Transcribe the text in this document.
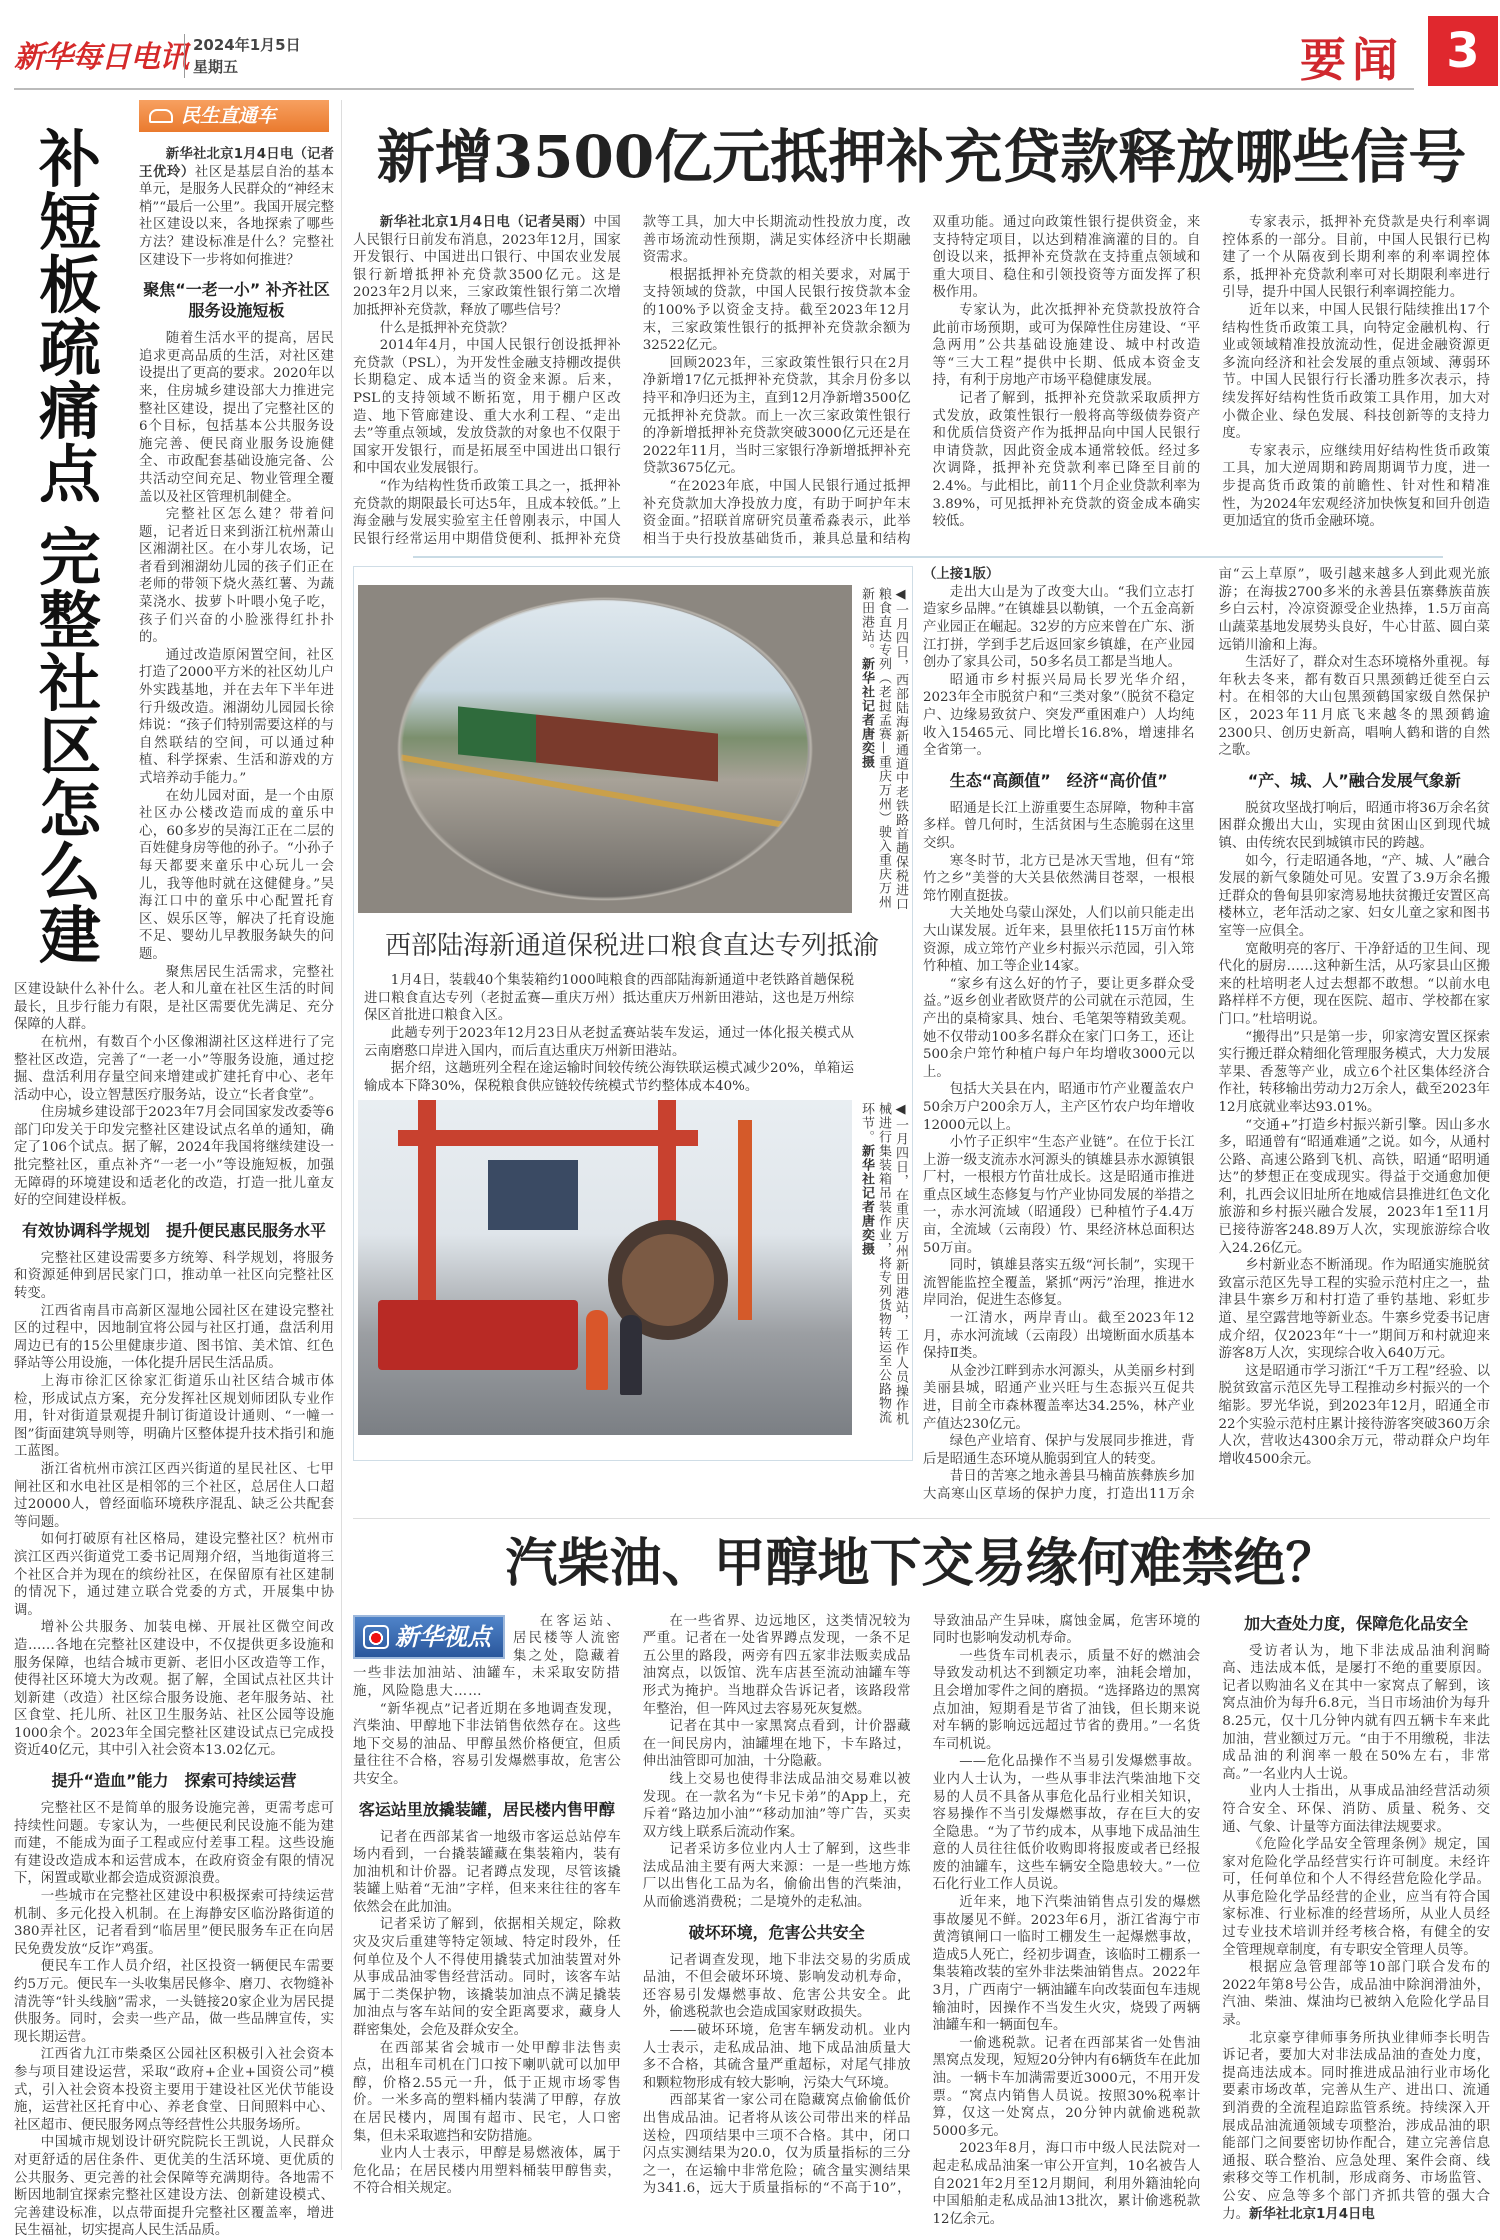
新华每日电讯 2024年1月5日
星期五	要闻 3
补短板疏痛点
完整社区怎么建
民生直通车

新华社北京1月4日电（记者王优玲）社区是基层自治的基本单元，是服务人民群众的“神经末梢”“最后一公里”。我国开展完整社区建设以来，各地探索了哪些方法？建设标准是什么？完整社区建设下一步将如何推进？

聚焦“一老一小” 补齐社区服务设施短板

随着生活水平的提高，居民追求更高品质的生活，对社区建设提出了更高的要求。2020年以来，住房城乡建设部大力推进完整社区建设，提出了完整社区的6个目标，包括基本公共服务设施完善、便民商业服务设施健全、市政配套基础设施完备、公共活动空间充足、物业管理全覆盖以及社区管理机制健全。

完整社区怎么建？带着问题，记者近日来到浙江杭州萧山区湘湖社区。在小芽儿农场，记者看到湘湖幼儿园的孩子们正在老师的带领下烧火蒸红薯、为蔬菜浇水、拔萝卜叶喂小兔子吃，孩子们兴奋的小脸涨得红扑扑的。

通过改造原闲置空间，社区打造了2000平方米的社区幼儿户外实践基地，并在去年下半年进行升级改造。湘湖幼儿园园长徐炜说：“孩子们特别需要这样的与自然联结的空间，可以通过种植、科学探索、生活和游戏的方式培养动手能力。”

在幼儿园对面，是一个由原社区办公楼改造而成的童乐中心，60多岁的吴海江正在二层的百姓健身房等他的孙子。“小孙子每天都要来童乐中心玩儿一会儿，我等他时就在这健健身。”吴海江口中的童乐中心配置托育区、娱乐区等，解决了托育设施不足、婴幼儿早教服务缺失的问题。

聚焦居民生活需求，完整社区建设缺什么补什么。老人和儿童在社区生活的时间最长，且步行能力有限，是社区需要优先满足、充分保障的人群。

在杭州，有数百个小区像湘湖社区这样进行了完整社区改造，完善了“一老一小”等服务设施，通过挖掘、盘活利用存量空间来增建或扩建托育中心、老年活动中心，设立智慧医疗服务站，设立“长者食堂”。

住房城乡建设部于2023年7月会同国家发改委等6部门印发关于印发完整社区建设试点名单的通知，确定了106个试点。据了解，2024年我国将继续建设一批完整社区，重点补齐“一老一小”等设施短板，加强无障碍的环境建设和适老化的改造，打造一批儿童友好的空间建设样板。

有效协调科学规划　提升便民惠民服务水平

完整社区建设需要多方统筹、科学规划，将服务和资源延伸到居民家门口，推动单一社区向完整社区转变。

江西省南昌市高新区湿地公园社区在建设完整社区的过程中，因地制宜将公园与社区打通，盘活利用周边已有的15公里健康步道、图书馆、美术馆、红色驿站等公用设施，一体化提升居民生活品质。

上海市徐汇区徐家汇街道乐山社区结合城市体检，形成试点方案，充分发挥社区规划师团队专业作用，针对街道景观提升制订街道设计通则、“一幢一图”街面建筑导则等，明确片区整体提升技术指引和施工蓝图。

浙江省杭州市滨江区西兴街道的星民社区、七甲闸社区和水电社区是相邻的三个社区，总居住人口超过20000人，曾经面临环境秩序混乱、缺乏公共配套等问题。

如何打破原有社区格局，建设完整社区？杭州市滨江区西兴街道党工委书记周翔介绍，当地街道将三个社区合并为现在的缤纷社区，在保留原有社区建制的情况下，通过建立联合党委的方式，开展集中协调。

增补公共服务、加装电梯、开展社区微空间改造……各地在完整社区建设中，不仅提供更多设施和服务保障，也结合城市更新、老旧小区改造等工作，使得社区环境大为改观。据了解，全国试点社区共计划新建（改造）社区综合服务设施、老年服务站、社区食堂、托儿所、社区卫生服务站、社区公园等设施1000余个。2023年全国完整社区建设试点已完成投资近40亿元，其中引入社会资本13.02亿元。

提升“造血”能力　探索可持续运营

完整社区不是简单的服务设施完善，更需考虑可持续性问题。专家认为，一些便民利民设施不能为建而建，不能成为面子工程或应付差事工程。这些设施有建设改造成本和运营成本，在政府资金有限的情况下，闲置或歇业都会造成资源浪费。

一些城市在完整社区建设中积极探索可持续运营机制、多元化投入机制。在上海静安区临汾路街道的380弄社区，记者看到“临居里”便民服务车正在向居民免费发放“反诈”鸡蛋。

便民车工作人员介绍，社区投资一辆便民车需要约5万元。便民车一头收集居民修伞、磨刀、衣物缝补清洗等“针头线脑”需求，一头链接20家企业为居民提供服务。同时，会卖一些产品，做一些品牌宣传，实现长期运营。

江西省九江市柴桑区公园社区积极引入社会资本参与项目建设运营，采取“政府+企业+国资公司”模式，引入社会资本投资主要用于建设社区光伏节能设施，运营社区托育中心、养老食堂、日间照料中心、社区超市、便民服务网点等经营性公共服务场所。

中国城市规划设计研究院院长王凯说，人民群众对更舒适的居住条件、更优美的生活环境、更优质的公共服务、更完善的社会保障等充满期待。各地需不断因地制宜探索完整社区建设方法、创新建设模式、完善建设标准，以点带面提升完整社区覆盖率，增进民生福祉，切实提高人民生活品质。

新增3500亿元抵押补充贷款释放哪些信号

新华社北京1月4日电（记者吴雨）中国人民银行日前发布消息，2023年12月，国家开发银行、中国进出口银行、中国农业发展银行新增抵押补充贷款3500亿元。这是2023年2月以来，三家政策性银行第二次增加抵押补充贷款，释放了哪些信号？

什么是抵押补充贷款？

2014年4月，中国人民银行创设抵押补充贷款（PSL），为开发性金融支持棚改提供长期稳定、成本适当的资金来源。后来，PSL的支持领域不断拓宽，用于棚户区改造、地下管廊建设、重大水利工程、“走出去”等重点领域，发放贷款的对象也不仅限于国家开发银行，而是拓展至中国进出口银行和中国农业发展银行。

“作为结构性货币政策工具之一，抵押补充贷款的期限最长可达5年，且成本较低。”上海金融与发展实验室主任曾刚表示，中国人民银行经常运用中期借贷便利、抵押补充贷款等工具，加大中长期流动性投放力度，改善市场流动性预期，满足实体经济中长期融资需求。

根据抵押补充贷款的相关要求，对属于支持领域的贷款，中国人民银行按贷款本金的100%予以资金支持。截至2023年12月末，三家政策性银行的抵押补充贷款余额为32522亿元。

回顾2023年，三家政策性银行只在2月净新增17亿元抵押补充贷款，其余月份多以持平和净归还为主，直到12月净新增3500亿元抵押补充贷款。而上一次三家政策性银行的净新增抵押补充贷款突破3000亿元还是在2022年11月，当时三家银行净新增抵押补充贷款3675亿元。

“在2023年底，中国人民银行通过抵押补充贷款加大净投放力度，有助于呵护年末资金面。”招联首席研究员董希淼表示，此举相当于央行投放基础货币，兼具总量和结构双重功能。通过向政策性银行提供资金，来支持特定项目，以达到精准滴灌的目的。自创设以来，抵押补充贷款在支持重点领域和重大项目、稳住和引领投资等方面发挥了积极作用。

专家认为，此次抵押补充贷款投放符合此前市场预期，或可为保障性住房建设、“平急两用”公共基础设施建设、城中村改造等“三大工程”提供中长期、低成本资金支持，有利于房地产市场平稳健康发展。

记者了解到，抵押补充贷款采取质押方式发放，政策性银行一般将高等级债券资产和优质信贷资产作为抵押品向中国人民银行申请贷款，因此资金成本通常较低。经过多次调降，抵押补充贷款利率已降至目前的2.4%。与此相比，前11个月企业贷款利率为3.89%，可见抵押补充贷款的资金成本确实较低。

专家表示，抵押补充贷款是央行利率调控体系的一部分。目前，中国人民银行已构建了一个从隔夜到长期利率的利率调控体系，抵押补充贷款利率可对长期限利率进行引导，提升中国人民银行利率调控能力。

近年以来，中国人民银行陆续推出17个结构性货币政策工具，向特定金融机构、行业或领域精准投放流动性，促进金融资源更多流向经济和社会发展的重点领域、薄弱环节。中国人民银行行长潘功胜多次表示，持续发挥好结构性货币政策工具作用，加大对小微企业、绿色发展、科技创新等的支持力度。

专家表示，应继续用好结构性货币政策工具，加大逆周期和跨周期调节力度，进一步提高货币政策的前瞻性、针对性和精准性，为2024年宏观经济加快恢复和回升创造更加适宜的货币金融环境。

◀一月四日，西部陆海新通道中老铁路首趟保税进口粮食直达专列（老挝孟赛—重庆万州）驶入重庆万州新田港站。新华社记者唐奕摄
西部陆海新通道保税进口粮食直达专列抵渝

1月4日，装载40个集装箱约1000吨粮食的西部陆海新通道中老铁路首趟保税进口粮食直达专列（老挝孟赛—重庆万州）抵达重庆万州新田港站，这也是万州综保区首批进口粮食入区。

此趟专列于2023年12月23日从老挝孟赛站装车发运，通过一体化报关模式从云南磨憨口岸进入国内，而后直达重庆万州新田港站。

据介绍，这趟班列全程在途运输时间较传统公海铁联运模式减少20%，单箱运输成本下降30%，保税粮食供应链较传统模式节约整体成本40%。

◀一月四日，在重庆万州新田港站，工作人员操作机械进行集装箱吊装作业，将专列货物转运至公路物流环节。新华社记者唐奕摄

（上接1版）

走出大山是为了改变大山。“我们立志打造家乡品牌。”在镇雄县以勒镇，一个五金高新产业园正在崛起。32岁的方应来曾在广东、浙江打拼，学到手艺后返回家乡镇雄，在产业园创办了家具公司，50多名员工都是当地人。

昭通市乡村振兴局局长罗光华介绍，2023年全市脱贫户和“三类对象”（脱贫不稳定户、边缘易致贫户、突发严重困难户）人均纯收入15465元、同比增长16.8%，增速排名全省第一。

生态“高颜值”　经济“高价值”

昭通是长江上游重要生态屏障，物种丰富多样。曾几何时，生活贫困与生态脆弱在这里交织。

寒冬时节，北方已是冰天雪地，但有“筇竹之乡”美誉的大关县依然满目苍翠，一根根筇竹刚直挺拔。

大关地处乌蒙山深处，人们以前只能走出大山谋发展。近年来，县里依托115万亩竹林资源，成立筇竹产业乡村振兴示范园，引入筇竹种植、加工等企业14家。

“家乡有这么好的竹子，要让更多群众受益。”返乡创业者欧贤芹的公司就在示范园，生产出的桌椅家具、烛台、毛笔架等精致美观。她不仅带动100多名群众在家门口务工，还让500余户筇竹种植户每户年均增收3000元以上。

包括大关县在内，昭通市竹产业覆盖农户50余万户200余万人，主产区竹农户均年增收12000元以上。

小竹子正织牢“生态产业链”。在位于长江上游一级支流赤水河源头的镇雄县赤水源镇银厂村，一根根方竹苗壮成长。这是昭通市推进重点区域生态修复与竹产业协同发展的举措之一，赤水河流域（昭通段）已种植竹子4.4万亩，全流域（云南段）竹、果经济林总面积达50万亩。

同时，镇雄县落实五级“河长制”，实现干流智能监控全覆盖，紧抓“两污”治理，推进水岸同治，促进生态修复。

一江清水，两岸青山。截至2023年12月，赤水河流域（云南段）出境断面水质基本保持Ⅱ类。

从金沙江畔到赤水河源头，从美丽乡村到美丽县城，昭通产业兴旺与生态振兴互促共进，目前全市森林覆盖率达34.25%，林产业产值达230亿元。

绿色产业培育、保护与发展同步推进，背后是昭通生态环境从脆弱到宜人的转变。

昔日的苦寒之地永善县马楠苗族彝族乡加大高寒山区草场的保护力度，打造出11万余亩“云上草原”，吸引越来越多人到此观光旅游；在海拔2700多米的永善县伍寨彝族苗族乡白云村，冷凉资源受企业热捧，1.5万亩高山蔬菜基地发展势头良好，牛心甘蓝、圆白菜远销川渝和上海。

生活好了，群众对生态环境格外重视。每年秋去冬来，都有数百只黑颈鹤迁徙至白云村。在相邻的大山包黑颈鹤国家级自然保护区，2023年11月底飞来越冬的黑颈鹤逾2300只、创历史新高，唱响人鹤和谐的自然之歌。

“产、城、人”融合发展气象新

脱贫攻坚战打响后，昭通市将36万余名贫困群众搬出大山，实现由贫困山区到现代城镇、由传统农民到城镇市民的跨越。

如今，行走昭通各地，“产、城、人”融合发展的新气象随处可见。安置了3.9万余名搬迁群众的鲁甸县卯家湾易地扶贫搬迁安置区高楼林立，老年活动之家、妇女儿童之家和图书室等一应俱全。

宽敞明亮的客厅、干净舒适的卫生间、现代化的厨房……这种新生活，从巧家县山区搬来的杜培明老人过去想都不敢想。“以前水电路样样不方便，现在医院、超市、学校都在家门口。”杜培明说。

“搬得出”只是第一步，卯家湾安置区探索实行搬迁群众精细化管理服务模式，大力发展苹果、香葱等产业，成立6个社区集体经济合作社，转移输出劳动力2万余人，截至2023年12月底就业率达93.01%。

“交通+”打造乡村振兴新引擎。因山多水多，昭通曾有“昭通难通”之说。如今，从通村公路、高速公路到飞机、高铁，昭通“昭明通达”的梦想正在变成现实。得益于交通愈加便利，扎西会议旧址所在地威信县推进红色文化旅游和乡村振兴融合发展，2023年1至11月已接待游客248.89万人次，实现旅游综合收入24.26亿元。

乡村新业态不断涌现。作为昭通实施脱贫致富示范区先导工程的实验示范村庄之一，盐津县牛寨乡万和村打造了垂钓基地、彩虹步道、星空露营地等新业态。牛寨乡党委书记唐成介绍，仅2023年“十一”期间万和村就迎来游客8万人次，实现综合收入640万元。

这是昭通市学习浙江“千万工程”经验、以脱贫致富示范区先导工程推动乡村振兴的一个缩影。罗光华说，到2023年12月，昭通全市22个实验示范村庄累计接待游客突破360万余人次，营收达4300余万元，带动群众户均年增收4500余元。

汽柴油、甲醇地下交易缘何难禁绝？
新华视点

在客运站、居民楼等人流密集之处，隐藏着一些非法加油站、油罐车，未采取安防措施，风险隐患大……

“新华视点”记者近期在多地调查发现，汽柴油、甲醇地下非法销售依然存在。这些地下交易的油品、甲醇虽然价格便宜，但质量往往不合格，容易引发爆燃事故，危害公共安全。

客运站里放撬装罐，居民楼内售甲醇

记者在西部某省一地级市客运总站停车场内看到，一台撬装罐藏在集装箱内，装有加油机和计价器。记者蹲点发现，尽管该撬装罐上贴着“无油”字样，但来来往往的客车依然会在此加油。

记者采访了解到，依据相关规定，除救灾及灾后重建等特定领域、特定时段外，任何单位及个人不得使用撬装式加油装置对外从事成品油零售经营活动。同时，该客车站属于二类保护物，该撬装加油点不满足撬装加油点与客车站间的安全距离要求，藏身人群密集处，会危及群众安全。

在西部某省会城市一处甲醇非法售卖点，出租车司机在门口按下喇叭就可以加甲醇，价格2.55元一升，低于正规市场零售价。一米多高的塑料桶内装满了甲醇，存放在居民楼内，周围有超市、民宅，人口密集，但未采取遮挡和安防措施。

业内人士表示，甲醇是易燃液体，属于危化品；在居民楼内用塑料桶装甲醇售卖，不符合相关规定。

在一些省界、边远地区，这类情况较为严重。记者在一处省界蹲点发现，一条不足五公里的路段，两旁有四五家非法贩卖成品油窝点，以饭馆、洗车店甚至流动油罐车等形式为掩护。当地群众告诉记者，该路段常年整治，但一阵风过去容易死灰复燃。

记者在其中一家黑窝点看到，计价器藏在一间民房内，油罐埋在地下，卡车路过，伸出油管即可加油，十分隐蔽。

线上交易也使得非法成品油交易难以被发现。在一款名为“卡兄卡弟”的App上，充斥着“路边加小油”“移动加油”等广告，买卖双方线上联系后流动作案。

记者采访多位业内人士了解到，这些非法成品油主要有两大来源：一是一些地方炼厂以出售化工品为名，偷偷出售的汽柴油，从而偷逃消费税；二是境外的走私油。

破坏环境，危害公共安全

记者调查发现，地下非法交易的劣质成品油，不但会破坏环境、影响发动机寿命，还容易引发爆燃事故、危害公共安全。此外，偷逃税款也会造成国家财政损失。

——破坏环境，危害车辆发动机。业内人士表示，走私成品油、地下成品油质量大多不合格，其硫含量严重超标，对尾气排放和颗粒物形成有较大影响，污染大气环境。

西部某省一家公司在隐藏窝点偷偷低价出售成品油。记者将从该公司带出来的样品送检，四项结果中三项不合格。其中，闭口闪点实测结果为20.0，仅为质量指标的三分之一，在运输中非常危险；硫含量实测结果为341.6，远大于质量指标的“不高于10”，导致油品产生异味，腐蚀金属，危害环境的同时也影响发动机寿命。

一些货车司机表示，质量不好的燃油会导致发动机达不到额定功率，油耗会增加，且会增加零件之间的磨损。“选择路边的黑窝点加油，短期看是节省了油钱，但长期来说对车辆的影响远远超过节省的费用。”一名货车司机说。

——危化品操作不当易引发爆燃事故。业内人士认为，一些从事非法汽柴油地下交易的人员不具备从事危化品行业相关知识，容易操作不当引发爆燃事故，存在巨大的安全隐患。“为了节约成本，从事地下成品油生意的人员往往低价收购即将报废或者已经报废的油罐车，这些车辆安全隐患较大。”一位石化行业工作人员说。

近年来，地下汽柴油销售点引发的爆燃事故屡见不鲜。2023年6月，浙江省海宁市黄湾镇闸口一临时工棚发生一起爆燃事故，造成5人死亡，经初步调查，该临时工棚系一集装箱改装的室外非法柴油销售点。2022年3月，广西南宁一辆油罐车向改装面包车违规输油时，因操作不当发生火灾，烧毁了两辆油罐车和一辆面包车。

一偷逃税款。记者在西部某省一处售油黑窝点发现，短短20分钟内有6辆货车在此加油。一辆卡车加满需要近3000元，不用开发票。“窝点内销售人员说。按照30%税率计算，仅这一处窝点，20分钟内就偷逃税款5000多元。

2023年8月，海口市中级人民法院对一起走私成品油案一审公开宣判，10名被告人自2021年2月至12月期间，利用外籍油轮向中国船舶走私成品油13批次，累计偷逃税款12亿余元。

加大查处力度，保障危化品安全

受访者认为，地下非法成品油利润畸高、违法成本低，是屡打不绝的重要原因。记者以购油名义在其中一家窝点了解到，该窝点油价为每升6.8元，当日市场油价为每升8.25元，仅十几分钟内就有四五辆卡车来此加油，营业额过万元。“由于不用缴税，非法成品油的利润率一般在50%左右，非常高。”一名业内人士说。

业内人士指出，从事成品油经营活动须符合安全、环保、消防、质量、税务、交通、气象、计量等方面法律法规要求。

《危险化学品安全管理条例》规定，国家对危险化学品经营实行许可制度。未经许可，任何单位和个人不得经营危险化学品。从事危险化学品经营的企业，应当有符合国家标准、行业标准的经营场所，从业人员经过专业技术培训并经考核合格，有健全的安全管理规章制度，有专职安全管理人员等。

根据应急管理部等10部门联合发布的2022年第8号公告，成品油中除润滑油外，汽油、柴油、煤油均已被纳入危险化学品目录。

北京豪亨律师事务所执业律师李长明告诉记者，要加大对非法成品油的查处力度，提高违法成本。同时推进成品油行业市场化要素市场改革，完善从生产、进出口、流通到消费的全流程追踪监管系统。持续深入开展成品油流通领域专项整治，涉成品油的职能部门之间要密切协作配合，建立完善信息通报、联合整治、应急处理、案件会商、线索移交等工作机制，形成商务、市场监管、公安、应急等多个部门齐抓共管的强大合力。新华社北京1月4日电
